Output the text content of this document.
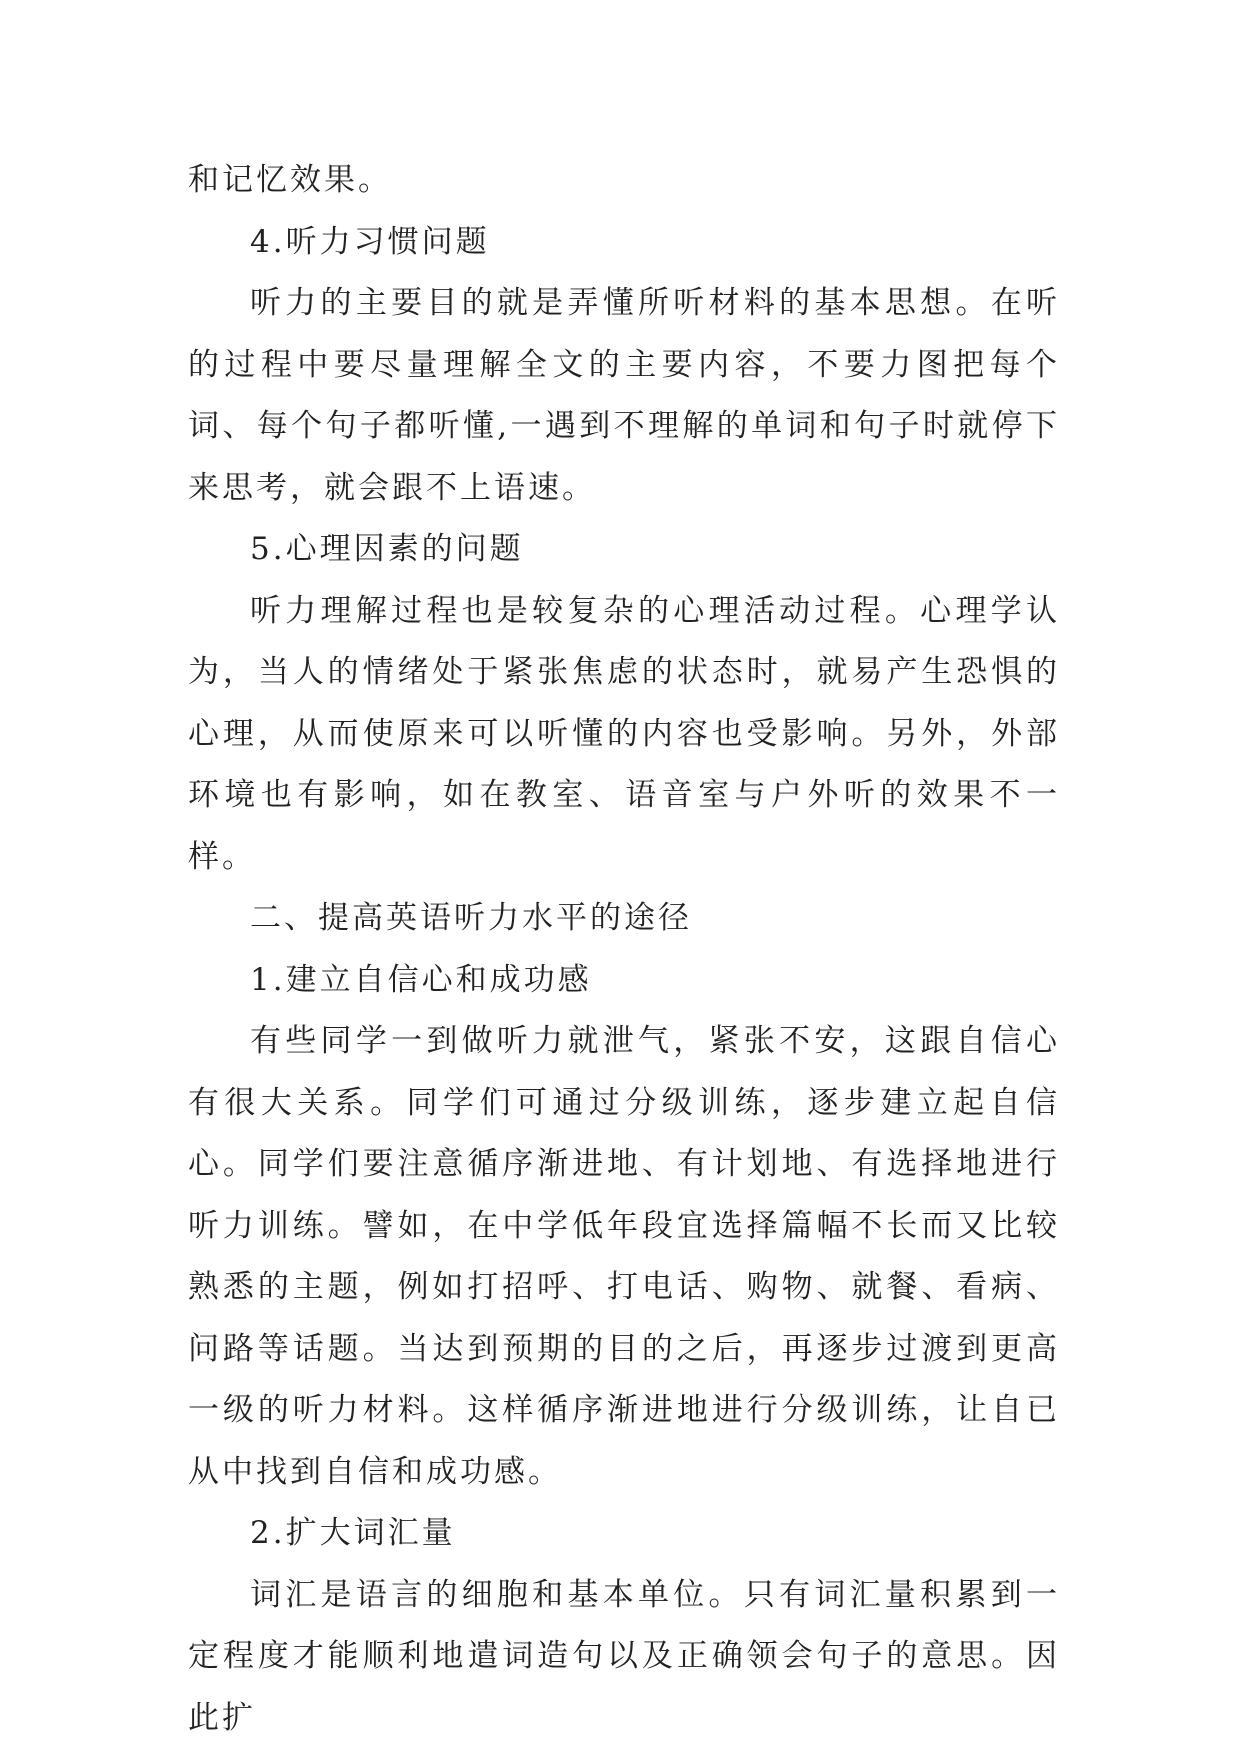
和记忆效果。

4.听力习惯问题

听力的主要目的就是弄懂所听材料的基本思想。在听的过程中要尽量理解全文的主要内容，不要力图把每个词、每个句子都听懂,一遇到不理解的单词和句子时就停下来思考，就会跟不上语速。

5.心理因素的问题

听力理解过程也是较复杂的心理活动过程。心理学认为，当人的情绪处于紧张焦虑的状态时，就易产生恐惧的心理，从而使原来可以听懂的内容也受影响。另外，外部环境也有影响，如在教室、语音室与户外听的效果不一样。

二、提高英语听力水平的途径

1.建立自信心和成功感

有些同学一到做听力就泄气，紧张不安，这跟自信心有很大关系。同学们可通过分级训练，逐步建立起自信心。同学们要注意循序渐进地、有计划地、有选择地进行听力训练。譬如，在中学低年段宜选择篇幅不长而又比较熟悉的主题，例如打招呼、打电话、购物、就餐、看病、问路等话题。当达到预期的目的之后，再逐步过渡到更高一级的听力材料。这样循序渐进地进行分级训练，让自已从中找到自信和成功感。

2.扩大词汇量

词汇是语言的细胞和基本单位。只有词汇量积累到一定程度才能顺利地遣词造句以及正确领会句子的意思。因此扩
